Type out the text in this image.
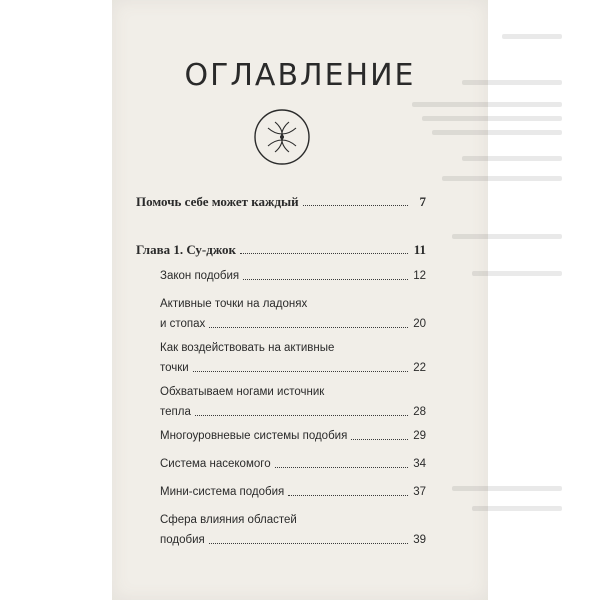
ОГЛАВЛЕНИЕ
Помочь себе может каждый	7
Глава 1. Су-джок	11
Закон подобия	12
Активные точки на ладонях
и стопах	20
Как воздействовать на активные
точки	22
Обхватываем ногами источник
тепла	28
Многоуровневые системы подобия	29
Система насекомого	34
Мини-система подобия	37
Сфера влияния областей
подобия	39
